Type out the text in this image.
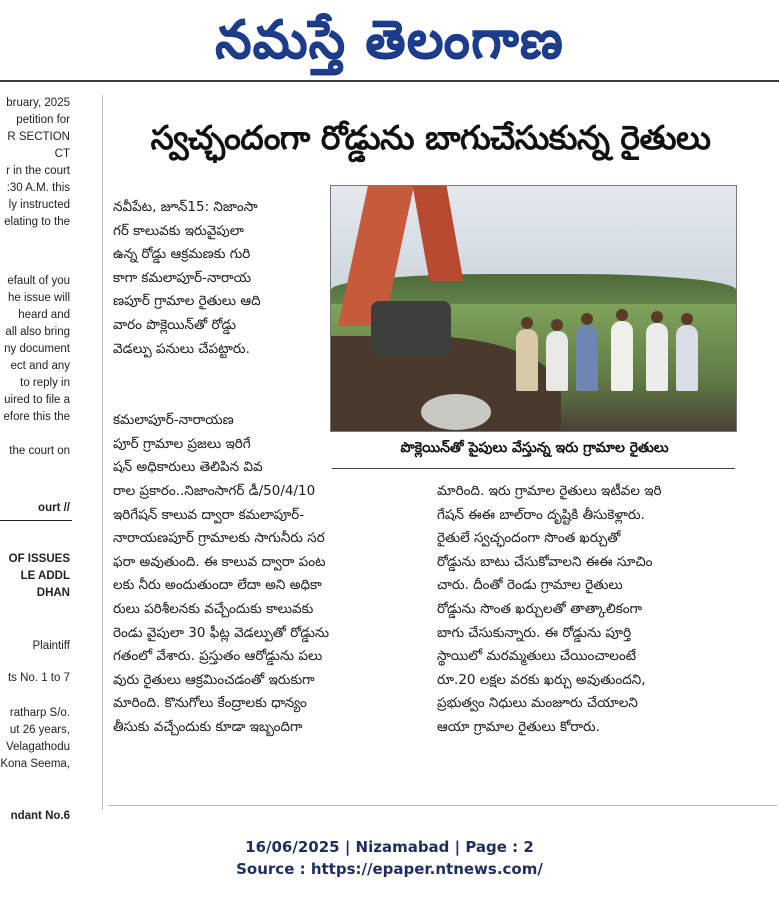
నమస్తే తెలంగాణ
bruary, 2025
petition for
R SECTION
CT
r in the court
:30 A.M. this
ly instructed
elating to the
efault of you
he issue will
heard and
all also bring
ny document
ect and any
to reply in
uired to file a
efore this the

the court on
ourt //
OF ISSUES
LE ADDL
DHAN
Plaintiff
ts No. 1 to 7
ratharp S/o.
ut 26 years,
Velagathodu
Kona Seema,
ndant No.6
స్వచ్ఛందంగా రోడ్డును బాగుచేసుకున్న రైతులు
నవీపేట, జూన్15: నిజాంసా
గర్ కాలువకు ఇరువైపులా
ఉన్న రోడ్డు ఆక్రమణకు గురి
కాగా కమలాపూర్-నారాయ
ణపూర్ గ్రామాల రైతులు ఆది
వారం పొక్లెయిన్‌తో రోడ్డు
వెడల్పు పనులు చేపట్టారు.
కమలాపూర్-నారాయణ
పూర్ గ్రామాల ప్రజలు ఇరిగే
షన్ అధికారులు తెలిపిన వివ
రాల ప్రకారం..నిజాంసాగర్ డీ/50/4/10
ఇరిగేషన్ కాలువ ద్వారా కమలాపూర్-
నారాయణపూర్ గ్రామాలకు సాగునీరు సర
ఫరా అవుతుంది. ఈ కాలువ ద్వారా పంట
లకు నీరు అందుతుందా లేదా అని అధికా
రులు పరిశీలనకు వచ్చేందుకు కాలువకు
రెండు వైపులా 30 ఫీట్ల వెడల్పుతో రోడ్డును
గతంలో వేశారు. ప్రస్తుతం ఆరోడ్డును పలు
వురు రైతులు ఆక్రమించడంతో ఇరుకుగా
మారింది. కొనుగోలు కేంద్రాలకు ధాన్యం
తీసుకు వచ్చేందుకు కూడా ఇబ్బందిగా
మారింది. ఇరు గ్రామాల రైతులు ఇటీవల ఇరి
గేషన్ ఈఈ బాల్‌రాం దృష్టికి తీసుకెళ్లారు.
రైతులే స్వచ్ఛందంగా సొంత ఖర్చుతో
రోడ్డును బాటు చేసుకోవాలని ఈఈ సూచిం
చారు. దీంతో రెండు గ్రామాల రైతులు
రోడ్డును సొంత ఖర్చులతో తాత్కాలికంగా
బాగు చేసుకున్నారు. ఈ రోడ్డును పూర్తి
స్థాయిలో మరమ్మతులు చేయించాలంటే
రూ.20 లక్షల వరకు ఖర్చు అవుతుందని,
ప్రభుత్వం నిధులు మంజూరు చేయాలని
ఆయా గ్రామాల రైతులు కోరారు.
పొక్లెయిన్‌తో పైపులు వేస్తున్న ఇరు గ్రామాల రైతులు
16/06/2025 | Nizamabad | Page : 2
Source : https://epaper.ntnews.com/
